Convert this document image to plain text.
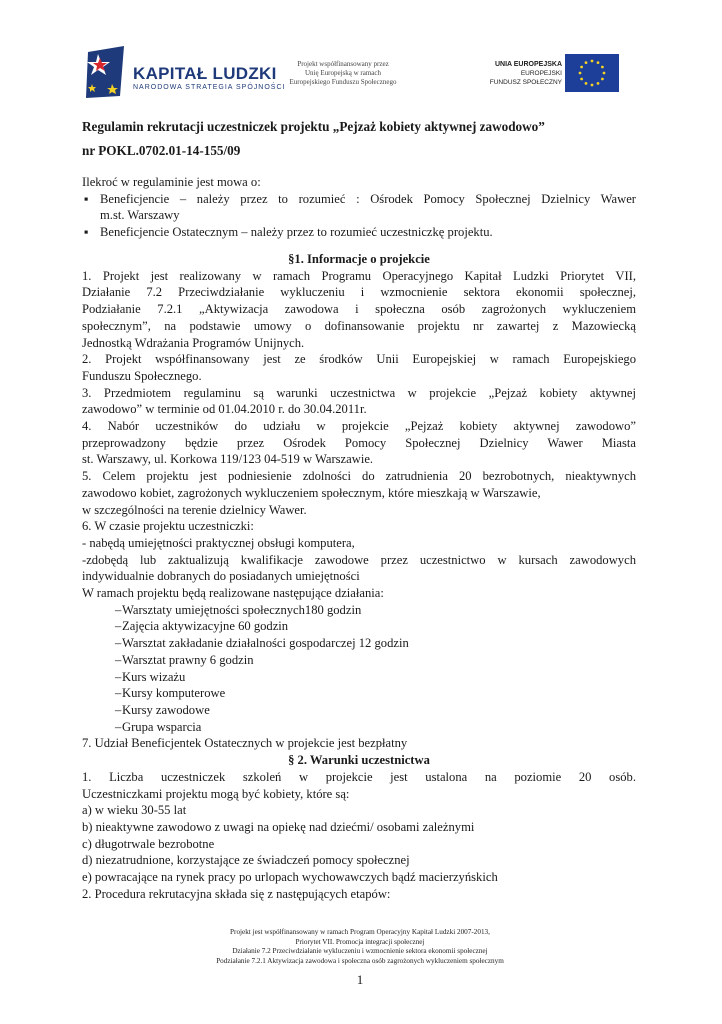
KAPITAŁ LUDZKI
NARODOWA STRATEGIA SPÓJNOŚCI
Projekt współfinansowany przez
Unię Europejską w ramach
Europejskiego Funduszu Społecznego
UNIA EUROPEJSKA
EUROPEJSKI
FUNDUSZ SPOŁECZNY
Regulamin rekrutacji uczestniczek projektu „Pejzaż kobiety aktywnej zawodowo”
nr POKL.0702.01-14-155/09
Ilekroć w regulaminie jest mowa o:
▪ Beneficjencie – należy przez to rozumieć : Ośrodek Pomocy Społecznej Dzielnicy Wawer
m.st. Warszawy
▪ Beneficjencie Ostatecznym – należy przez to rozumieć uczestniczkę projektu.
§1. Informacje o projekcie
1. Projekt jest realizowany w ramach Programu Operacyjnego Kapitał Ludzki Priorytet VII,
Działanie 7.2 Przeciwdziałanie wykluczeniu i wzmocnienie sektora ekonomii społecznej,
Podziałanie 7.2.1 „Aktywizacja zawodowa i społeczna osób zagrożonych wykluczeniem
społecznym”, na podstawie umowy o dofinansowanie projektu nr zawartej z Mazowiecką
Jednostką Wdrażania Programów Unijnych.
2. Projekt współfinansowany jest ze środków Unii Europejskiej w ramach Europejskiego
Funduszu Społecznego.
3. Przedmiotem regulaminu są warunki uczestnictwa w projekcie „Pejzaż kobiety aktywnej
zawodowo” w terminie od 01.04.2010 r. do 30.04.2011r.
4. Nabór uczestników do udziału w projekcie „Pejzaż kobiety aktywnej zawodowo”
przeprowadzony będzie przez Ośrodek Pomocy Społecznej Dzielnicy Wawer Miasta
st. Warszawy, ul. Korkowa 119/123 04-519 w Warszawie.
5. Celem projektu jest podniesienie zdolności do zatrudnienia 20 bezrobotnych, nieaktywnych
zawodowo kobiet, zagrożonych wykluczeniem społecznym, które mieszkają w Warszawie,
w szczególności na terenie dzielnicy Wawer.
6. W czasie projektu uczestniczki:
- nabędą umiejętności praktycznej obsługi komputera,
-zdobędą lub zaktualizują kwalifikacje zawodowe przez uczestnictwo w kursach zawodowych
indywidualnie dobranych do posiadanych umiejętności
W ramach projektu będą realizowane następujące działania:
– Warsztaty umiejętności społecznych180 godzin
– Zajęcia aktywizacyjne 60 godzin
– Warsztat zakładanie działalności gospodarczej 12 godzin
– Warsztat prawny 6 godzin
– Kurs wizażu
– Kursy komputerowe
– Kursy zawodowe
– Grupa wsparcia
7. Udział Beneficjentek Ostatecznych w projekcie jest bezpłatny
§ 2. Warunki uczestnictwa
1. Liczba uczestniczek szkoleń w projekcie jest ustalona na poziomie 20 osób.
Uczestniczkami projektu mogą być kobiety, które są:
a) w wieku 30-55 lat
b) nieaktywne zawodowo z uwagi na opiekę nad dziećmi/ osobami zależnymi
c) długotrwale bezrobotne
d) niezatrudnione, korzystające ze świadczeń pomocy społecznej
e) powracające na rynek pracy po urlopach wychowawczych bądź macierzyńskich
2. Procedura rekrutacyjna składa się z następujących etapów:
Projekt jest współfinansowany w ramach Program Operacyjny Kapitał Ludzki 2007-2013,
Priorytet VII. Promocja integracji społecznej
Działanie 7.2 Przeciwdziałanie wykluczeniu i wzmocnienie sektora ekonomii społecznej
Podziałanie 7.2.1 Aktywizacja zawodowa i społeczna osób zagrożonych wykluczeniem społecznym
1
